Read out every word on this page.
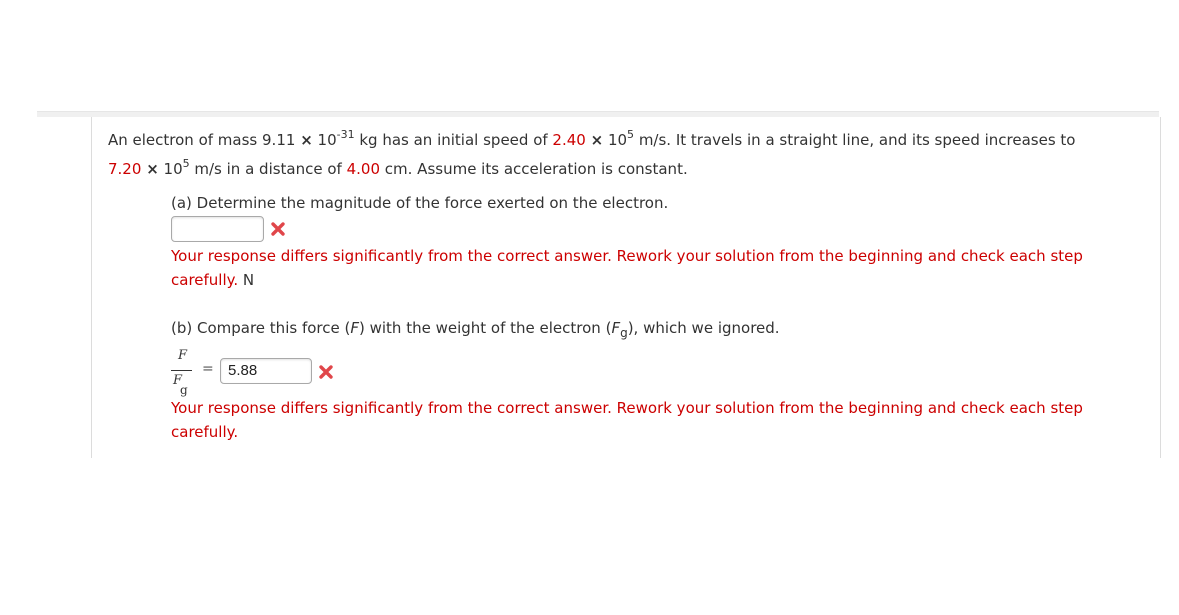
An electron of mass $9.11 \times 10^{-31}$ kg has an initial speed of $2.40 \times 10^5$ m/s. It travels in a straight line, and its speed increases to
$7.20 \times 10^5$ m/s in a distance of 4.00 cm. Assume its acceleration is constant.
(a) Determine the magnitude of the force exerted on the electron.
Your response differs significantly from the correct answer. Rework your solution from the beginning and check each step
carefully. N
(b) Compare this force (F) with the weight of the electron $(F_g)$, which we ignored.
F
F
g
=
5.88
Your response differs significantly from the correct answer. Rework your solution from the beginning and check each step
carefully.
